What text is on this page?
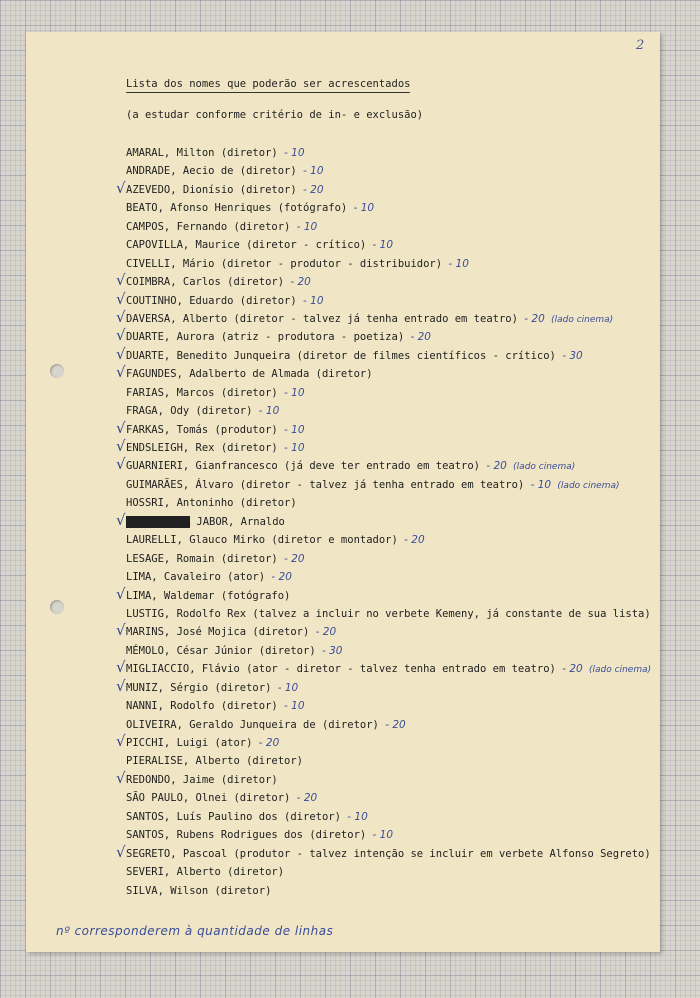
2
Lista dos nomes que poderão ser acrescentados
(a estudar conforme critério de in- e exclusão)
AMARAL, Milton (diretor) - 10
ANDRADE, Aecio de (diretor) - 10
√ AZEVEDO, Dionísio (diretor) - 20
BEATO, Afonso Henriques (fotógrafo) - 10
CAMPOS, Fernando (diretor) - 10
CAPOVILLA, Maurice (diretor - crítico) - 10
CIVELLI, Mário (diretor - produtor - distribuidor) - 10
√ COIMBRA, Carlos (diretor) - 20
√ COUTINHO, Eduardo (diretor) - 10
√ DAVERSA, Alberto (diretor - talvez já tenha entrado em teatro) - 20 (lado cinema)
√ DUARTE, Aurora (atriz - produtora - poetiza) - 20
√ DUARTE, Benedito Junqueira (diretor de filmes científicos - crítico) - 30
√ FAGUNDES, Adalberto de Almada (diretor)
FARIAS, Marcos (diretor) - 10
FRAGA, Ody (diretor) - 10
√ FARKAS, Tomás (produtor) - 10
√ ENDSLEIGH, Rex (diretor) - 10
√ GUARNIERI, Gianfrancesco (já deve ter entrado em teatro) - 20 (lado cinema)
GUIMARÃES, Álvaro (diretor - talvez já tenha entrado em teatro) - 10 (lado cinema)
HOSSRI, Antoninho (diretor)
√ XXXXXXXXXXX JABOR, Arnaldo
LAURELLI, Glauco Mirko (diretor e montador) - 20
LESAGE, Romain (diretor) - 20
LIMA, Cavaleiro (ator) - 20
√ LIMA, Waldemar (fotógrafo)
LUSTIG, Rodolfo Rex (talvez a incluir no verbete Kemeny, já constante de sua lista)
√ MARINS, José Mojica (diretor) - 20
MÉMOLO, César Júnior (diretor) - 30
√ MIGLIACCIO, Flávio (ator - diretor - talvez tenha entrado em teatro) - 20 (lado cinema)
√ MUNIZ, Sérgio (diretor) - 10
NANNI, Rodolfo (diretor) - 10
OLIVEIRA, Geraldo Junqueira de (diretor) - 20
√ PICCHI, Luigi (ator) - 20
PIERALISE, Alberto (diretor)
√ REDONDO, Jaime (diretor)
SÃO PAULO, Olnei (diretor) - 20
SANTOS, Luís Paulino dos (diretor) - 10
SANTOS, Rubens Rodrigues dos (diretor) - 10
√ SEGRETO, Pascoal (produtor - talvez intenção se incluir em verbete Alfonso Segreto)
SEVERI, Alberto (diretor)
SILVA, Wilson (diretor)
nº corresponderem à quantidade de linhas
